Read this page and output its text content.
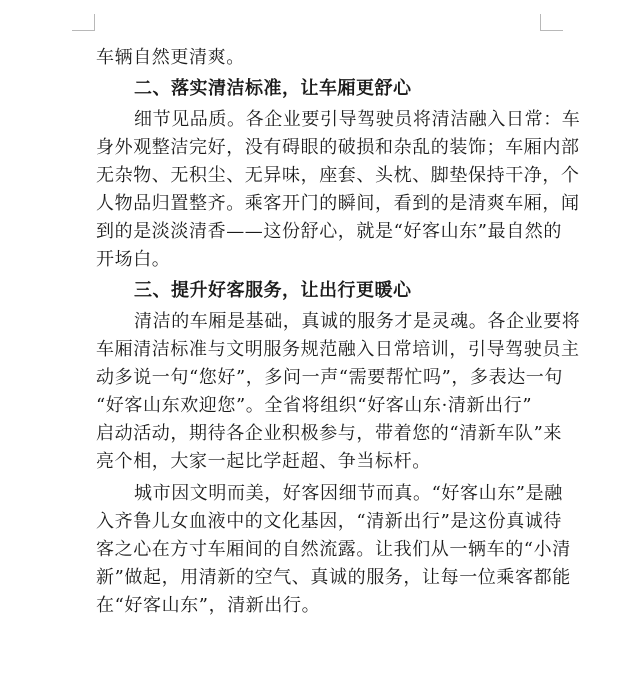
车辆自然更清爽。
二、落实清洁标准，让车厢更舒心
细节见品质。各企业要引导驾驶员将清洁融入日常：车
身外观整洁完好，没有碍眼的破损和杂乱的装饰；车厢内部
无杂物、无积尘、无异味，座套、头枕、脚垫保持干净，个
人物品归置整齐。乘客开门的瞬间，看到的是清爽车厢，闻
到的是淡淡清香——这份舒心，就是“好客山东”最自然的
开场白。
三、提升好客服务，让出行更暖心
清洁的车厢是基础，真诚的服务才是灵魂。各企业要将
车厢清洁标准与文明服务规范融入日常培训，引导驾驶员主
动多说一句“您好”，多问一声“需要帮忙吗”，多表达一句
“好客山东欢迎您”。全省将组织“好客山东·清新出行”
启动活动，期待各企业积极参与，带着您的“清新车队”来
亮个相，大家一起比学赶超、争当标杆。
城市因文明而美，好客因细节而真。“好客山东”是融
入齐鲁儿女血液中的文化基因，“清新出行”是这份真诚待
客之心在方寸车厢间的自然流露。让我们从一辆车的“小清
新”做起，用清新的空气、真诚的服务，让每一位乘客都能
在“好客山东”，清新出行。
